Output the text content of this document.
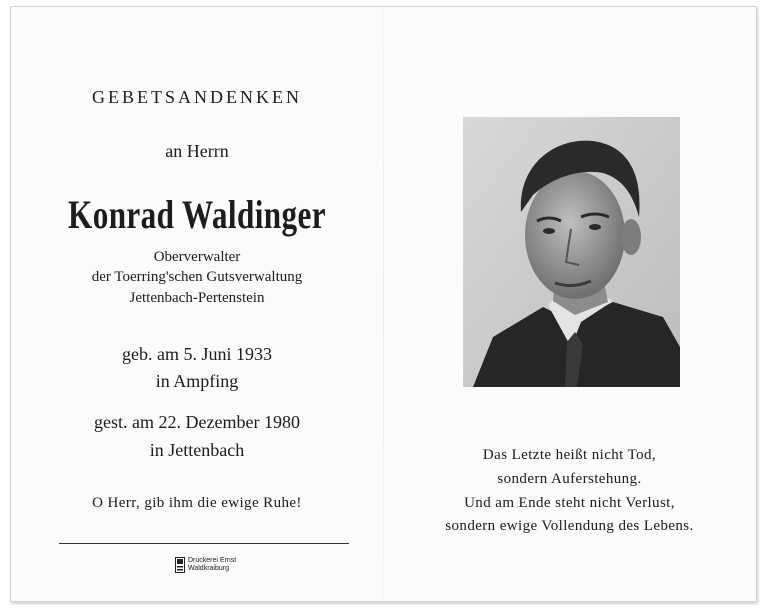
GEBETSANDENKEN
an Herrn
Konrad Waldinger
Oberverwalter
der Toerring'schen Gutsverwaltung
Jettenbach-Pertenstein
geb. am 5. Juni 1933
in Ampfing
gest. am 22. Dezember 1980
in Jettenbach
O Herr, gib ihm die ewige Ruhe!
Druckerei Ernst
Waldkraiburg
Das Letzte heißt nicht Tod,
sondern Auferstehung.
Und am Ende steht nicht Verlust,
sondern ewige Vollendung des Lebens.
